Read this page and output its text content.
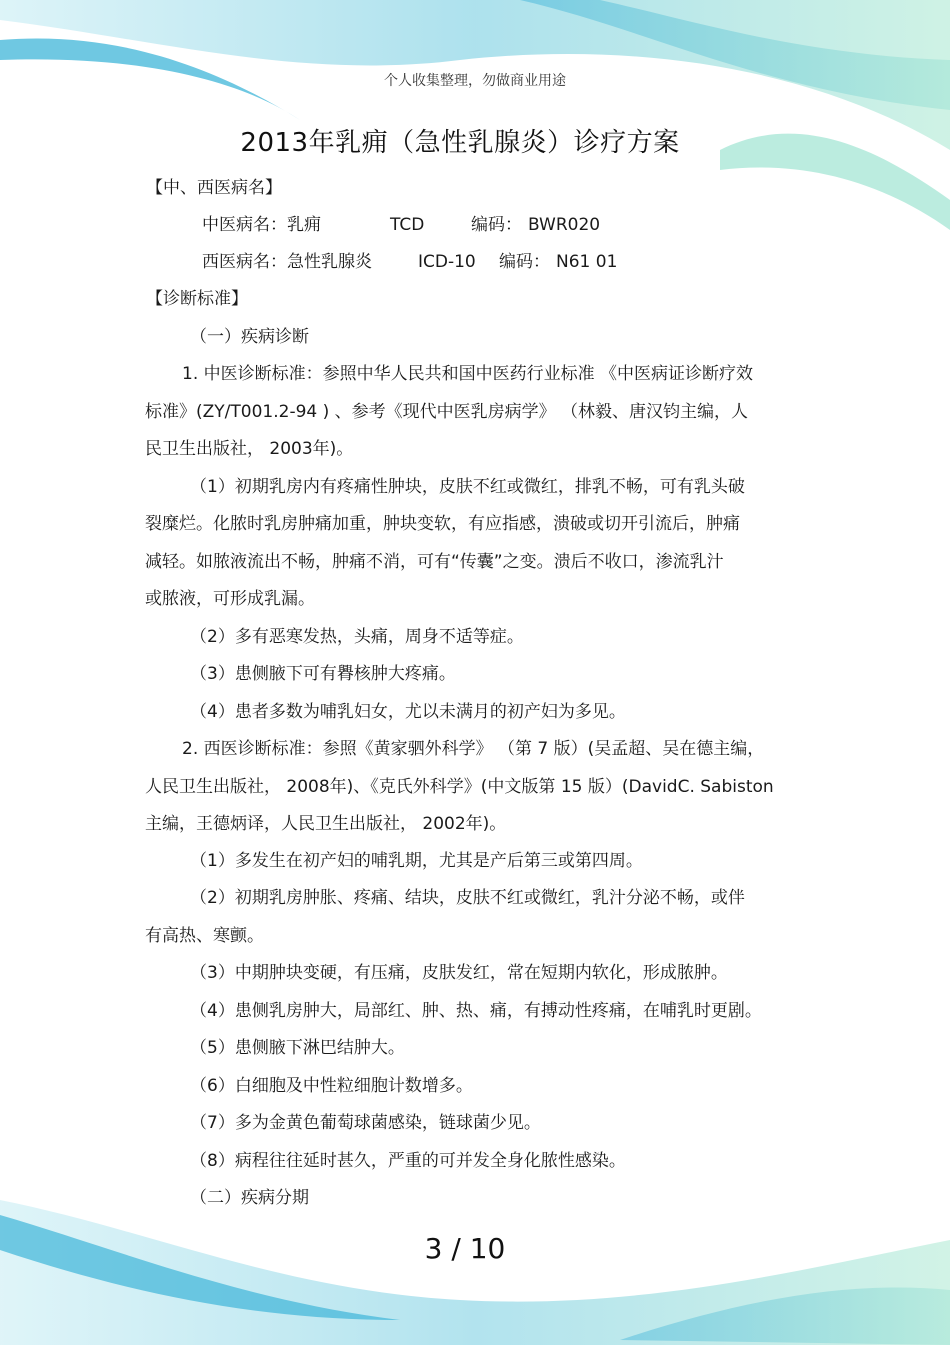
个人收集整理，勿做商业用途
2013年乳痈（急性乳腺炎）诊疗方案
【中、西医病名】
中医病名：乳痈	TCD	编码： BWR020
西医病名：急性乳腺炎	ICD-10 编码： N61 01
【诊断标准】
（一）疾病诊断
1. 中医诊断标准：参照中华人民共和国中医药行业标准 《中医病证诊断疗效
标准》(ZY/T001.2-94 ) 、参考《现代中医乳房病学》 （林毅、唐汉钧主编，人
民卫生出版社， 2003年)。
（1）初期乳房内有疼痛性肿块，皮肤不红或微红，排乳不畅，可有乳头破
裂糜烂。化脓时乳房肿痛加重，肿块变软，有应指感，溃破或切开引流后，肿痛
减轻。如脓液流出不畅，肿痛不消，可有“传囊”之变。溃后不收口，渗流乳汁
或脓液，可形成乳漏。
（2）多有恶寒发热，头痛，周身不适等症。
（3）患侧腋下可有臖核肿大疼痛。
（4）患者多数为哺乳妇女，尤以未满月的初产妇为多见。
2. 西医诊断标准：参照《黄家驷外科学》 （第 7 版）(吴孟超、吴在德主编，
人民卫生出版社， 2008年)、《克氏外科学》(中文版第 15 版）(DavidC. Sabiston
主编，王德炳译，人民卫生出版社， 2002年)。
（1）多发生在初产妇的哺乳期，尤其是产后第三或第四周。
（2）初期乳房肿胀、疼痛、结块，皮肤不红或微红，乳汁分泌不畅，或伴
有高热、寒颤。
（3）中期肿块变硬，有压痛，皮肤发红，常在短期内软化，形成脓肿。
（4）患侧乳房肿大，局部红、肿、热、痛，有搏动性疼痛，在哺乳时更剧。
（5）患侧腋下淋巴结肿大。
（6）白细胞及中性粒细胞计数增多。
（7）多为金黄色葡萄球菌感染，链球菌少见。
（8）病程往往延时甚久，严重的可并发全身化脓性感染。
（二）疾病分期
3 / 10
